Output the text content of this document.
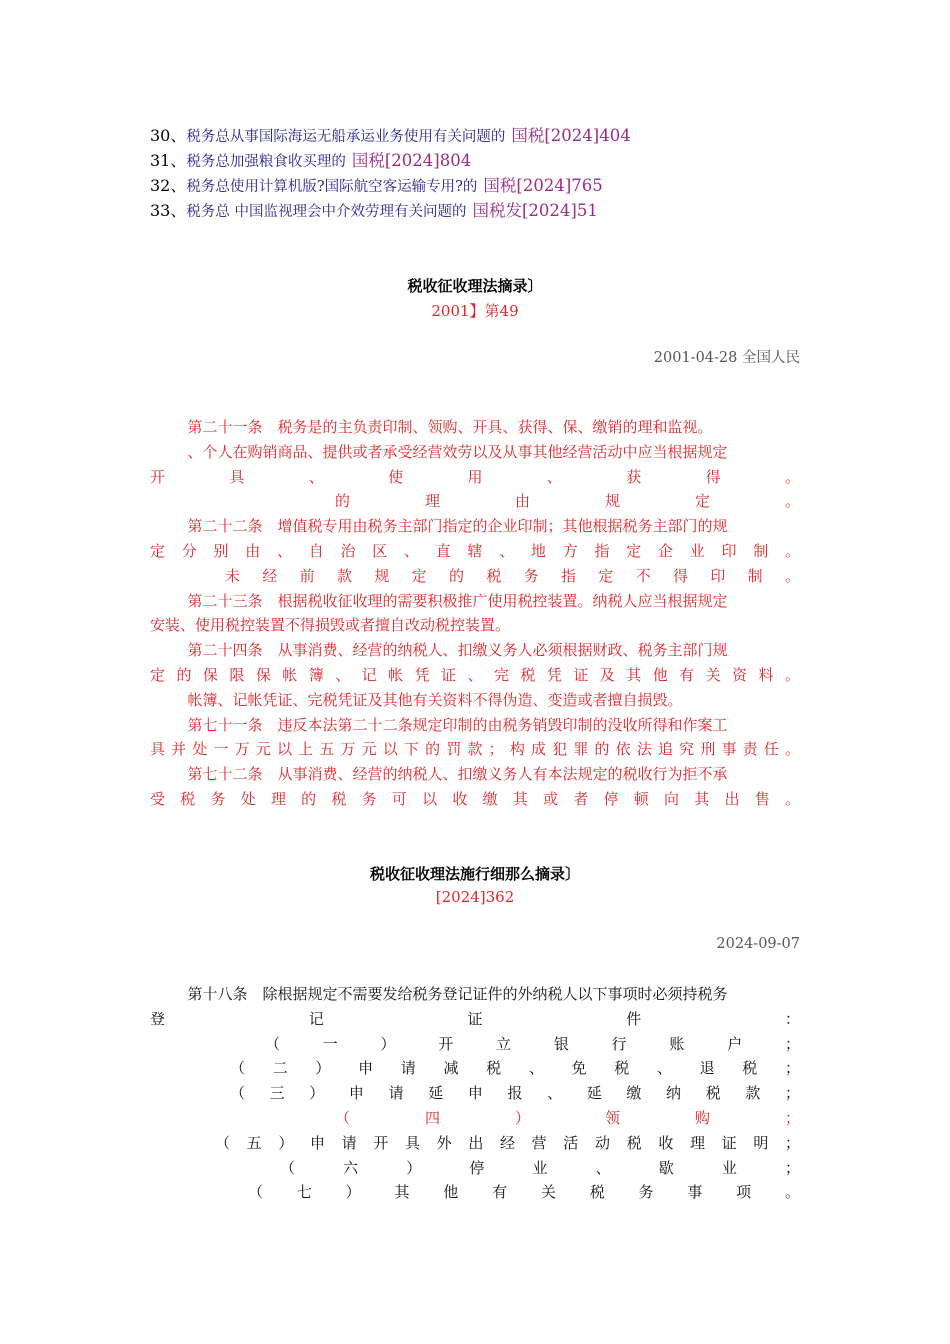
30、税务总从事国际海运无船承运业务使用有关问题的 国税[2024]404
31、税务总加强粮食收买理的 国税[2024]804
32、税务总使用计算机版?国际航空客运输专用?的 国税[2024]765
33、税务总 中国监视理会中介效劳理有关问题的 国税发[2024]51
税收征收理法摘录〕
2001】第49
2001-04-28 全国人民
第二十一条　税务是的主负责印制、领购、开具、获得、保、缴销的理和监视。
、个人在购销商品、提供或者承受经营效劳以及从事其他经营活动中应当根据规定
开具、使用、获得。
的理由规定。
第二十二条　增值税专用由税务主部门指定的企业印制；其他根据税务主部门的规
定分别由、自治区、直辖、地方指定企业印制。
未经前款规定的税务指定不得印制。
第二十三条　根据税收征收理的需要积极推广使用税控装置。纳税人应当根据规定
安装、使用税控装置不得损毁或者擅自改动税控装置。
第二十四条　从事消费、经营的纳税人、扣缴义务人必须根据财政、税务主部门规
定的保限保帐簿、记帐凭证、完税凭证及其他有关资料。
帐簿、记帐凭证、完税凭证及其他有关资料不得伪造、变造或者擅自损毁。
第七十一条　违反本法第二十二条规定印制的由税务销毁印制的没收所得和作案工
具并处一万元以上五万元以下的罚款；构成犯罪的依法追究刑事责任。
第七十二条　从事消费、经营的纳税人、扣缴义务人有本法规定的税收行为拒不承
受税务处理的税务可以收缴其或者停顿向其出售。
税收征收理法施行细那么摘录〕
[2024]362
2024-09-07
第十八条　除根据规定不需要发给税务登记证件的外纳税人以下事项时必须持税务
登记证件：
（一）开立银行账户；
（二）申请减税、免税、退税；
（三）申请延申报、延缴纳税款；
（四）领购；
（五）申请开具外出经营活动税收理证明；
（六）停业、歇业；
（七）其他有关税务事项。
